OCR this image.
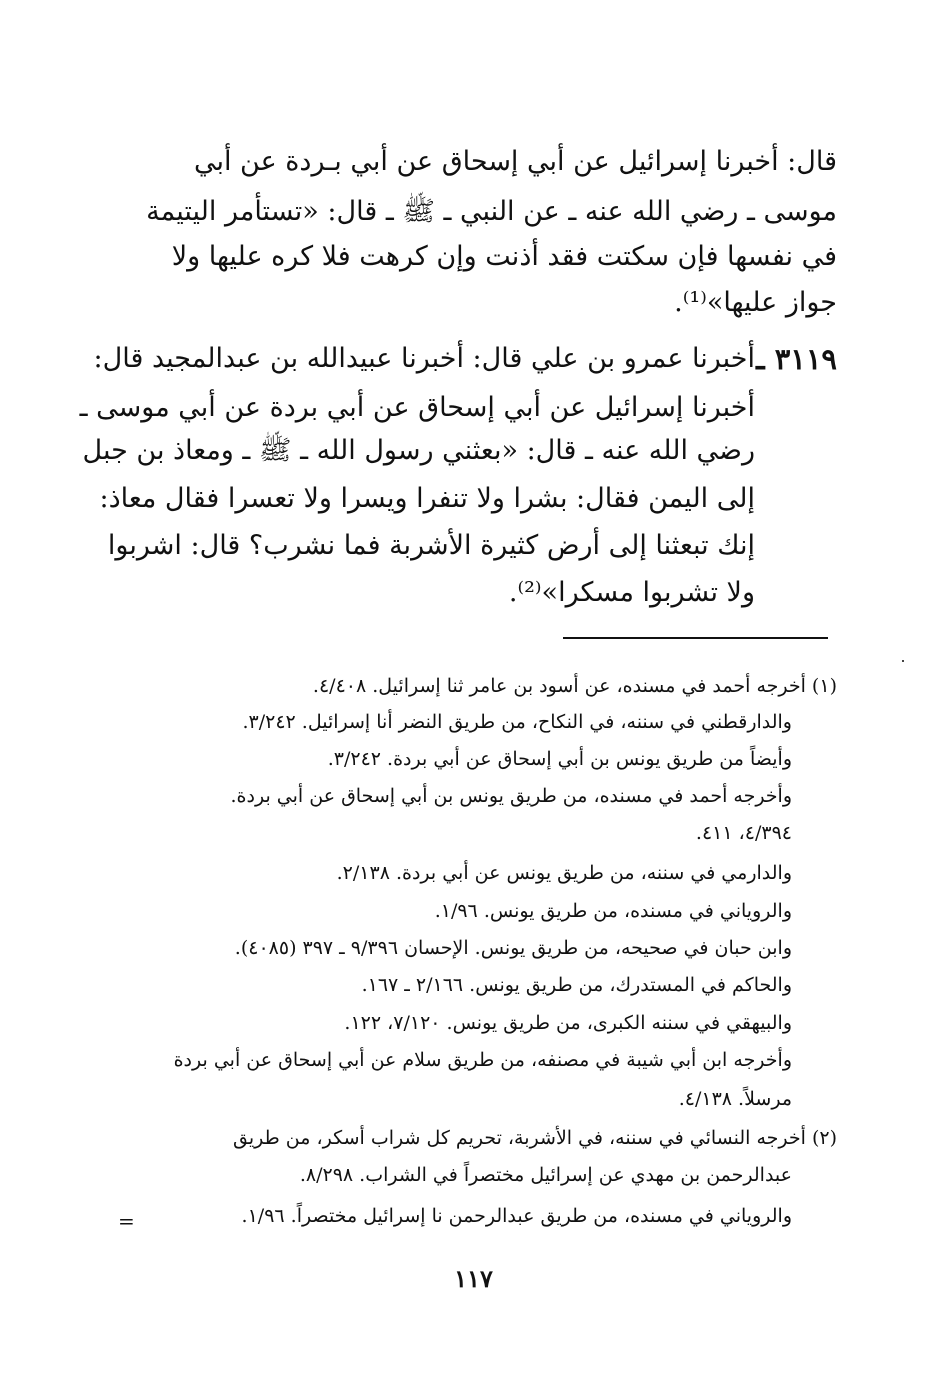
قال: أخبرنا إسرائيل عن أبي إسحاق عن أبي بـردة عن أبي
موسى ـ رضي الله عنه ـ عن النبي ـ ﷺ ـ قال: «تستأمر اليتيمة
في نفسها فإن سكتت فقد أذنت وإن كرهت فلا كره عليها ولا
جواز عليها»⁽¹⁾.
٣١١٩ ـ
أخبرنا عمرو بن علي قال: أخبرنا عبيدالله بن عبدالمجيد قال:
أخبرنا إسرائيل عن أبي إسحاق عن أبي بردة عن أبي موسى ـ
رضي الله عنه ـ قال: «بعثني رسول الله ـ ﷺ ـ ومعاذ بن جبل
إلى اليمن فقال: بشرا ولا تنفرا ويسرا ولا تعسرا فقال معاذ:
إنك تبعثنا إلى أرض كثيرة الأشربة فما نشرب؟ قال: اشربوا
ولا تشربوا مسكرا»⁽²⁾.
(١) أخرجه أحمد في مسنده، عن أسود بن عامر ثنا إسرائيل. ٤/٤٠٨.
والدارقطني في سننه، في النكاح، من طريق النضر أنا إسرائيل. ٣/٢٤٢.
وأيضاً من طريق يونس بن أبي إسحاق عن أبي بردة. ٣/٢٤٢.
وأخرجه أحمد في مسنده، من طريق يونس بن أبي إسحاق عن أبي بردة.
٤/٣٩٤، ٤١١.
والدارمي في سننه، من طريق يونس عن أبي بردة. ٢/١٣٨.
والروياني في مسنده، من طريق يونس. ١/٩٦.
وابن حبان في صحيحه، من طريق يونس. الإحسان ٩/٣٩٦ ـ ٣٩٧ (٤٠٨٥).
والحاكم في المستدرك، من طريق يونس. ٢/١٦٦ ـ ١٦٧.
والبيهقي في سننه الكبرى، من طريق يونس. ٧/١٢٠، ١٢٢.
وأخرجه ابن أبي شيبة في مصنفه، من طريق سلام عن أبي إسحاق عن أبي بردة
مرسلاً. ٤/١٣٨.
(٢) أخرجه النسائي في سننه، في الأشربة، تحريم كل شراب أسكر، من طريق
عبدالرحمن بن مهدي عن إسرائيل مختصراً في الشراب. ٨/٢٩٨.
والروياني في مسنده، من طريق عبدالرحمن نا إسرائيل مختصراً. ١/٩٦.
=
١١٧
